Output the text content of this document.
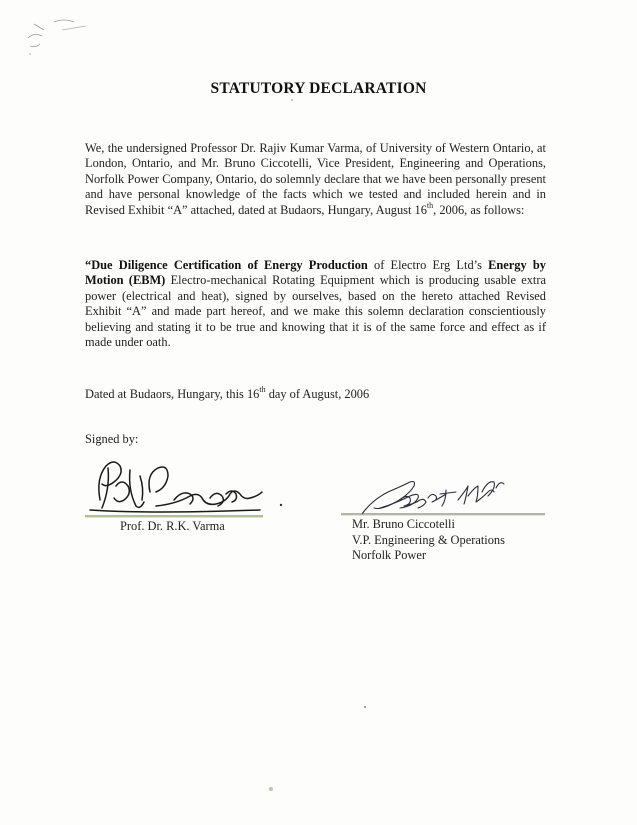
STATUTORY DECLARATION
We, the undersigned Professor Dr. Rajiv Kumar Varma, of University of Western Ontario, at London, Ontario, and Mr. Bruno Ciccotelli, Vice President, Engineering and Operations, Norfolk Power Company, Ontario, do solemnly declare that we have been personally present and have personal knowledge of the facts which we tested and included herein and in Revised Exhibit “A” attached, dated at Budaors, Hungary, August 16th, 2006, as follows:
“Due Diligence Certification of Energy Production of Electro Erg Ltd’s Energy by Motion (EBM) Electro-mechanical Rotating Equipment which is producing usable extra power (electrical and heat), signed by ourselves, based on the hereto attached Revised Exhibit “A” and made part hereof, and we make this solemn declaration conscientiously believing and stating it to be true and knowing that it is of the same force and effect as if made under oath.
Dated at Budaors, Hungary, this 16th day of August, 2006
Signed by:
Prof. Dr. R.K. Varma	Mr. Bruno Ciccotelli
V.P. Engineering & Operations
Norfolk Power
